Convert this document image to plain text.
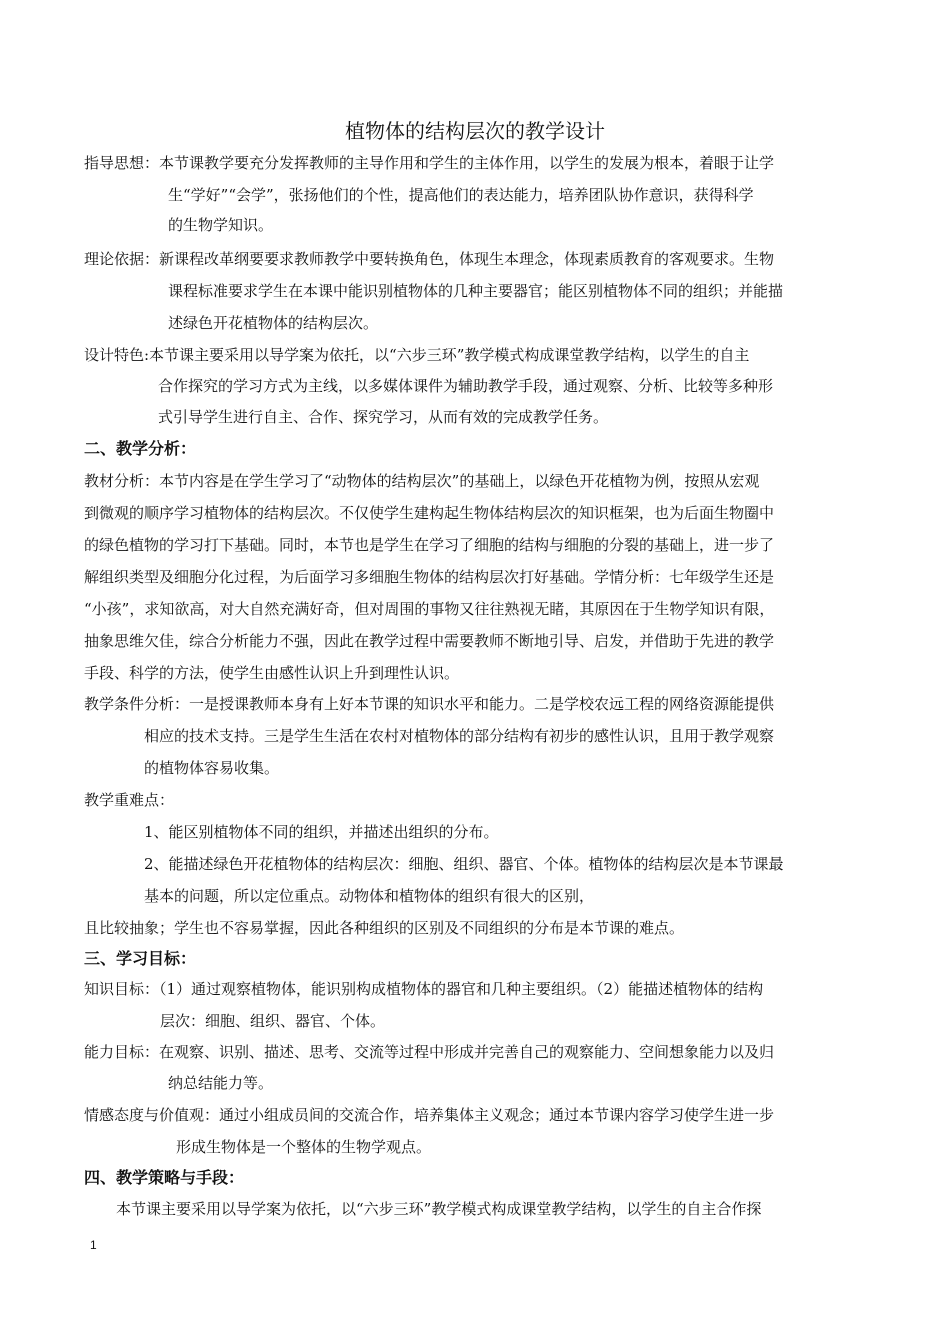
植物体的结构层次的教学设计
指导思想：本节课教学要充分发挥教师的主导作用和学生的主体作用，以学生的发展为根本，着眼于让学
生“学好”“会学”，张扬他们的个性，提高他们的表达能力，培养团队协作意识，获得科学
的生物学知识。
理论依据：新课程改革纲要要求教师教学中要转换角色，体现生本理念，体现素质教育的客观要求。生物
课程标准要求学生在本课中能识别植物体的几种主要器官；能区别植物体不同的组织；并能描
述绿色开花植物体的结构层次。
设计特色:本节课主要采用以导学案为依托，以“六步三环”教学模式构成课堂教学结构，以学生的自主
合作探究的学习方式为主线，以多媒体课件为辅助教学手段，通过观察、分析、比较等多种形
式引导学生进行自主、合作、探究学习，从而有效的完成教学任务。
二、教学分析：
教材分析：本节内容是在学生学习了“动物体的结构层次”的基础上，以绿色开花植物为例，按照从宏观
到微观的顺序学习植物体的结构层次。不仅使学生建构起生物体结构层次的知识框架，也为后面生物圈中
的绿色植物的学习打下基础。同时，本节也是学生在学习了细胞的结构与细胞的分裂的基础上，进一步了
解组织类型及细胞分化过程，为后面学习多细胞生物体的结构层次打好基础。学情分析：七年级学生还是
“小孩”，求知欲高，对大自然充满好奇，但对周围的事物又往往熟视无睹，其原因在于生物学知识有限，
抽象思维欠佳，综合分析能力不强，因此在教学过程中需要教师不断地引导、启发，并借助于先进的教学
手段、科学的方法，使学生由感性认识上升到理性认识。
教学条件分析：一是授课教师本身有上好本节课的知识水平和能力。二是学校农远工程的网络资源能提供
相应的技术支持。三是学生生活在农村对植物体的部分结构有初步的感性认识，且用于教学观察
的植物体容易收集。
教学重难点：
1、能区别植物体不同的组织，并描述出组织的分布。
2、能描述绿色开花植物体的结构层次：细胞、组织、器官、个体。植物体的结构层次是本节课最
基本的问题，所以定位重点。动物体和植物体的组织有很大的区别，
且比较抽象；学生也不容易掌握，因此各种组织的区别及不同组织的分布是本节课的难点。
三、学习目标：
知识目标：（1）通过观察植物体，能识别构成植物体的器官和几种主要组织。（2）能描述植物体的结构
层次：细胞、组织、器官、个体。
能力目标：在观察、识别、描述、思考、交流等过程中形成并完善自己的观察能力、空间想象能力以及归
纳总结能力等。
情感态度与价值观：通过小组成员间的交流合作，培养集体主义观念；通过本节课内容学习使学生进一步
形成生物体是一个整体的生物学观点。
四、教学策略与手段：
本节课主要采用以导学案为依托，以“六步三环”教学模式构成课堂教学结构，以学生的自主合作探
1
